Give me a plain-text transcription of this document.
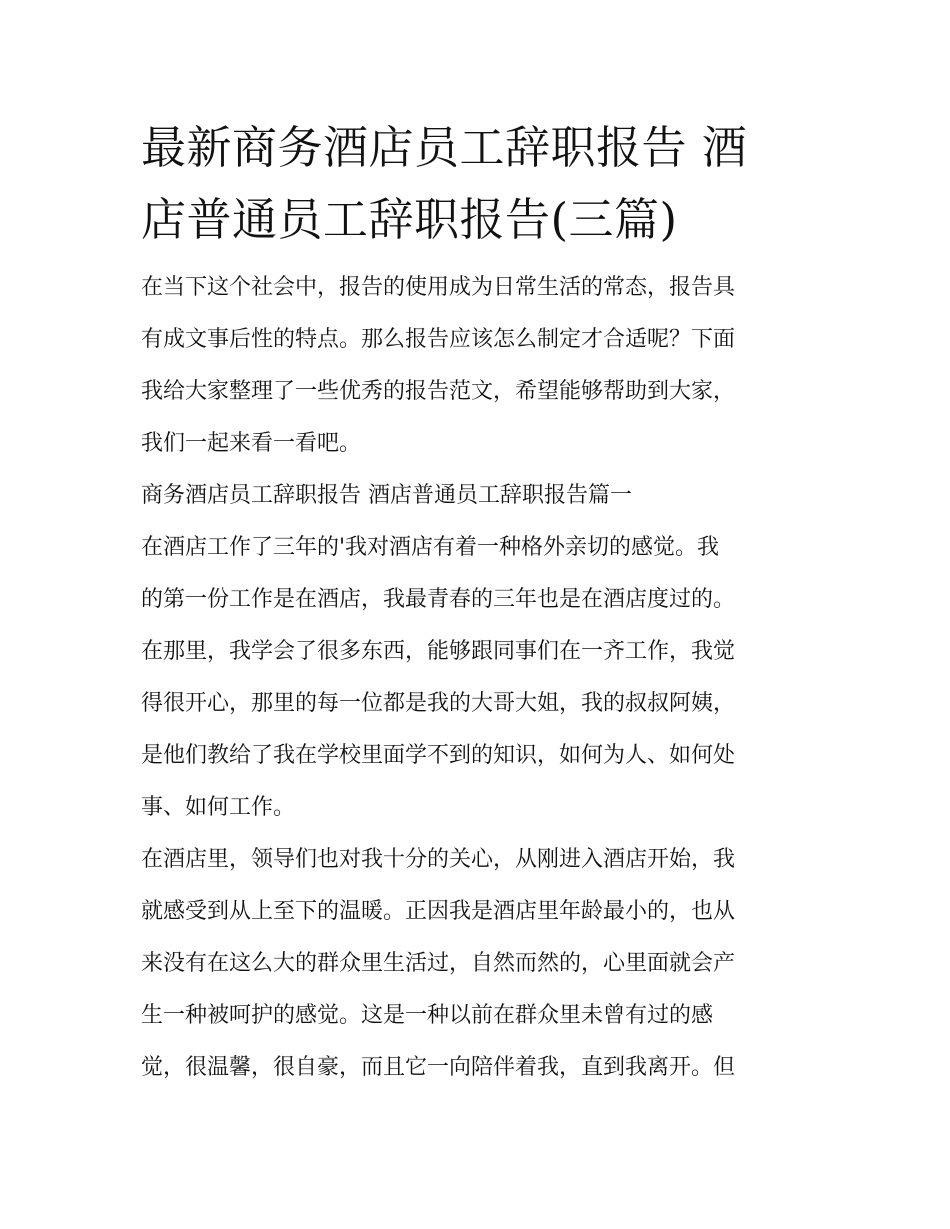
最新商务酒店员工辞职报告 酒
店普通员工辞职报告(三篇)

在当下这个社会中，报告的使用成为日常生活的常态，报告具
有成文事后性的特点。那么报告应该怎么制定才合适呢？下面
我给大家整理了一些优秀的报告范文，希望能够帮助到大家，
我们一起来看一看吧。

商务酒店员工辞职报告 酒店普通员工辞职报告篇一

在酒店工作了三年的'我对酒店有着一种格外亲切的感觉。我
的第一份工作是在酒店，我最青春的三年也是在酒店度过的。
在那里，我学会了很多东西，能够跟同事们在一齐工作，我觉
得很开心，那里的每一位都是我的大哥大姐，我的叔叔阿姨，
是他们教给了我在学校里面学不到的知识，如何为人、如何处
事、如何工作。

在酒店里，领导们也对我十分的关心，从刚进入酒店开始，我
就感受到从上至下的温暖。正因我是酒店里年龄最小的，也从
来没有在这么大的群众里生活过，自然而然的，心里面就会产
生一种被呵护的感觉。这是一种以前在群众里未曾有过的感
觉，很温馨，很自豪，而且它一向陪伴着我，直到我离开。但
